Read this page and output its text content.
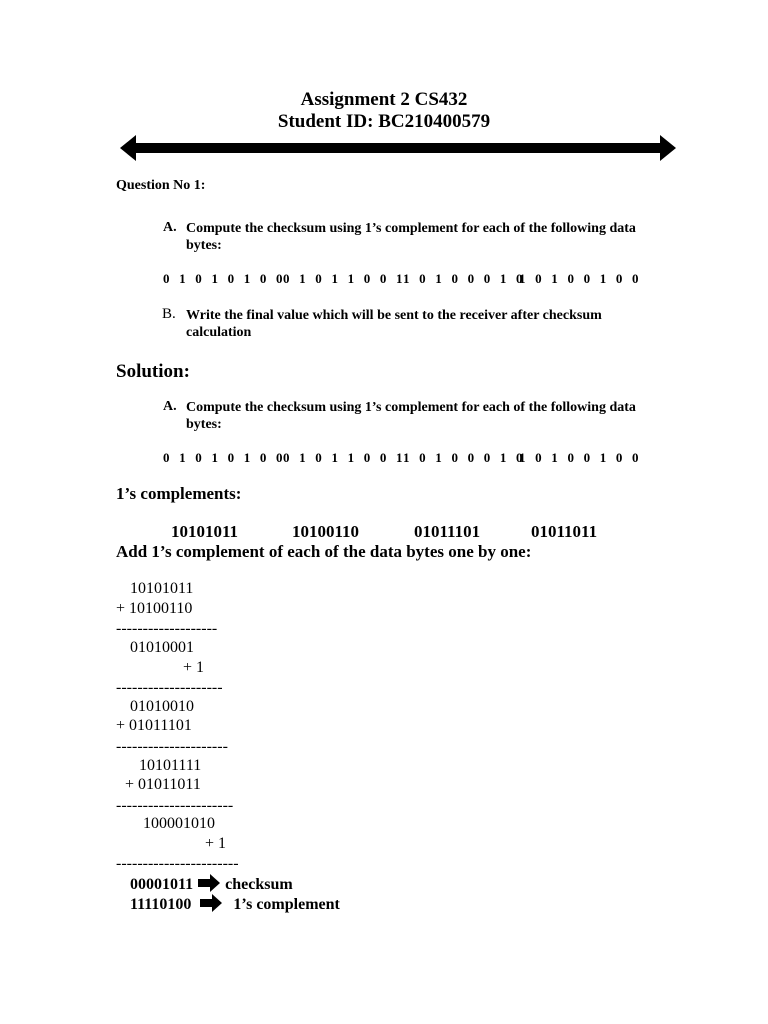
Assignment 2 CS432
Student ID: BC210400579
Question No 1:
A. Compute the checksum using 1’s complement for each of the following data bytes:
0 1 0 1 0 1 0 0
0 1 0 1 1 0 0 1
1 0 1 0 0 0 1 0
1 0 1 0 0 1 0 0
B. Write the final value which will be sent to the receiver after checksum calculation
Solution:
A. Compute the checksum using 1’s complement for each of the following data bytes:
0 1 0 1 0 1 0 0
0 1 0 1 1 0 0 1
1 0 1 0 0 0 1 0
1 0 1 0 0 1 0 0
1’s complements:
10101011	10100110	01011101	01011011
Add 1’s complement of each of the data bytes one by one:
10101011
+ 10100110
-------------------
01010001
+ 1
--------------------
01010010
+ 01011101
---------------------
10101111
+ 01011011
----------------------
100001010
+ 1
-----------------------
00001011 checksum
11110100	1’s complement
